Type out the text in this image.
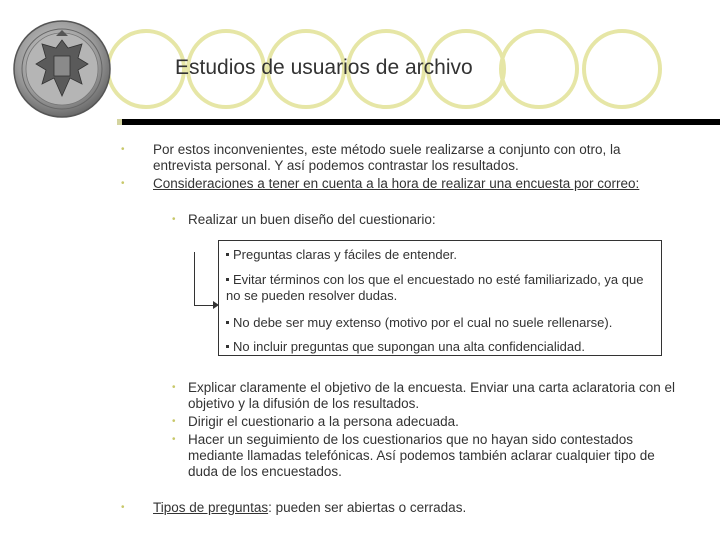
Estudios de usuarios de archivo
• Por estos inconvenientes, este método suele realizarse a conjunto con otro, la entrevista personal. Y así podemos contrastar los resultados.
• Consideraciones a tener en cuenta a la hora de realizar una encuesta por correo:
• Realizar un buen diseño del cuestionario:
Preguntas claras y fáciles de entender.
Evitar términos con los que el encuestado no esté familiarizado, ya que no se pueden resolver dudas.
No debe ser muy extenso (motivo por el cual no suele rellenarse).
No incluir preguntas que supongan una alta confidencialidad.
• Explicar claramente el objetivo de la encuesta. Enviar una carta aclaratoria con el objetivo y la difusión de los resultados.
• Dirigir el cuestionario a la persona adecuada.
• Hacer un seguimiento de los cuestionarios que no hayan sido contestados mediante llamadas telefónicas. Así podemos también aclarar cualquier tipo de duda de los encuestados.
• Tipos de preguntas: pueden ser abiertas o cerradas.
